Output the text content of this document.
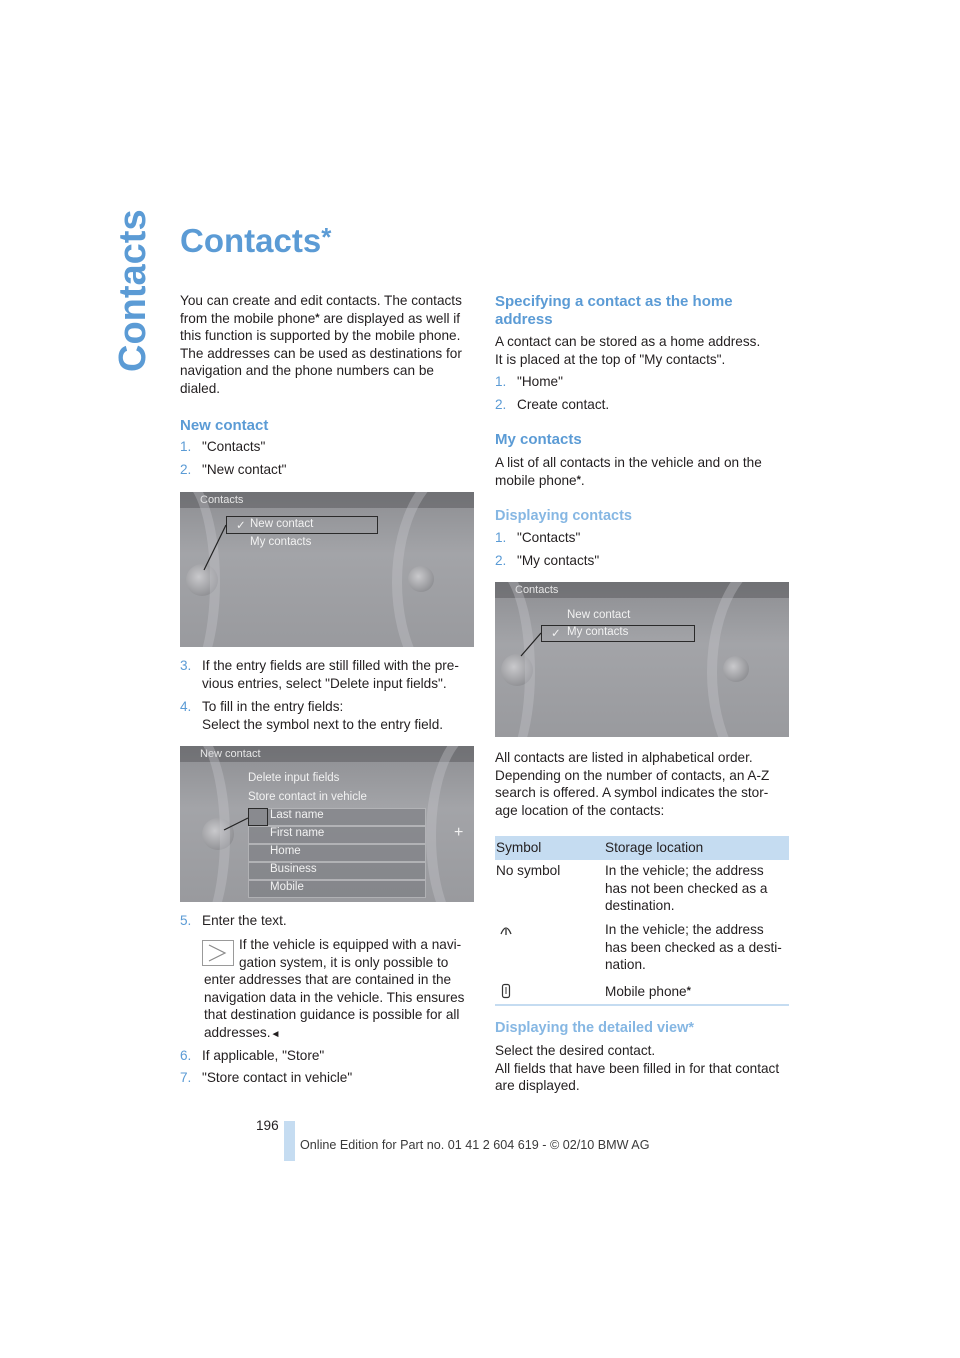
Contacts Contacts*

You can create and edit contacts. The contacts

from the mobile phone* are displayed as well if

this function is supported by the mobile phone.

The addresses can be used as destinations for

navigation and the phone numbers can be

dialed.

New contact
1. "Contacts"
2. "New contact"
Contacts
✓ New contact
My contacts
3. If the entry fields are still filled with the pre-
vious entries, select "Delete input fields".
4. To fill in the entry fields:
Select the symbol next to the entry field.
New contact
Delete input fields
Store contact in vehicle
Last name
First name
Home
Business
Mobile
+
5. Enter the text.
If the vehicle is equipped with a navi-
gation system, it is only possible to
enter addresses that are contained in the
navigation data in the vehicle. This ensures
that destination guidance is possible for all
addresses.◄
6. If applicable, "Store"
7. "Store contact in vehicle"
Specifying a contact as the home
address
A contact can be stored as a home address.
It is placed at the top of "My contacts".
1. "Home"
2. Create contact.
My contacts
A list of all contacts in the vehicle and on the
mobile phone*.
Displaying contacts
1. "Contacts"
2. "My contacts"
Contacts
New contact
✓ My contacts
All contacts are listed in alphabetical order.
Depending on the number of contacts, an A-Z
search is offered. A symbol indicates the stor-
age location of the contacts:
Symbol	Storage location
No symbol	In the vehicle; the address
has not been checked as a
destination.
In the vehicle; the address
has been checked as a desti-
nation.
Mobile phone*
Displaying the detailed view*
Select the desired contact.
All fields that have been filled in for that contact
are displayed.
196
Online Edition for Part no. 01 41 2 604 619 - © 02/10 BMW AG
